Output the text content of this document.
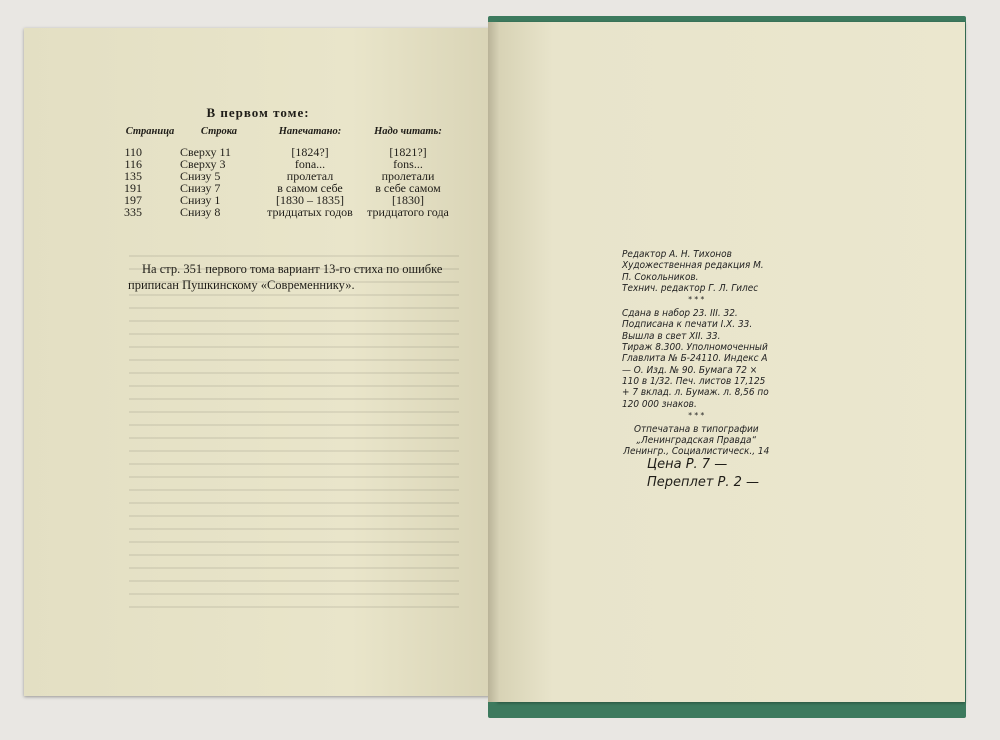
В первом томе:
Страница	Строка	Напечатано:	Надо читать:
110	Сверху 11	[1824?]	[1821?]
116	Сверху 3	fona...	fons...
135	Снизу 5	пролетал	пролетали
191	Снизу 7	в самом себе	в себе самом
197	Снизу 1	[1830 – 1835]	[1830]
335	Снизу 8	тридцатых годов	тридцатого года
На стр. 351 первого тома вариант 13-го стиха по ошибке приписан Пушкинскому «Современнику».

Редактор А. Н. Тихонов

Художественная редакция М. П. Сокольников.

Технич. редактор Г. Л. Гилес

* * *

Сдана в набор 23. III. 32.

Подписана к печати I.X. 33.

Вышла в свет XII. 33.

Тираж 8.300. Уполномоченный Главлита № Б-24110. Индекс А — О. Изд. № 90. Бумага 72 × 110 в 1/32. Печ. листов 17,125 + 7 вклад. л. Бумаж. л. 8,56 по 120 000 знаков.

* * *

Отпечатана в типографии

„Ленинградская Правда“

Ленингр., Социалистическ., 14

Цена Р. 7 —
Переплет Р. 2 —
